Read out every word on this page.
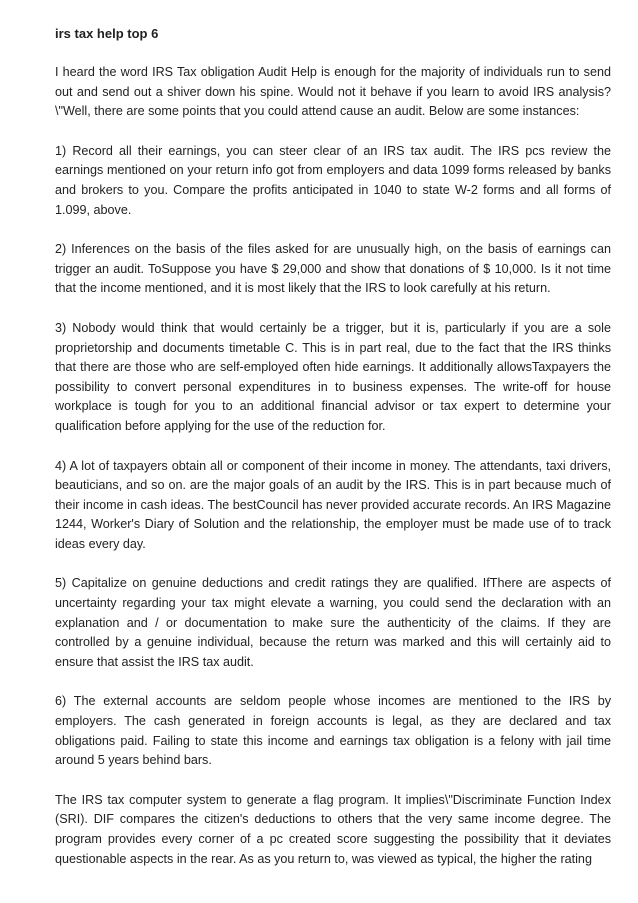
irs tax help top 6

I heard the word IRS Tax obligation Audit Help is enough for the majority of individuals run to send out and send out a shiver down his spine. Would not it behave if you learn to avoid IRS analysis? \"Well, there are some points that you could attend cause an audit. Below are some instances:

1) Record all their earnings, you can steer clear of an IRS tax audit. The IRS pcs review the earnings mentioned on your return info got from employers and data 1099 forms released by banks and brokers to you. Compare the profits anticipated in 1040 to state W-2 forms and all forms of 1.099, above.

2) Inferences on the basis of the files asked for are unusually high, on the basis of earnings can trigger an audit. ToSuppose you have $ 29,000 and show that donations of $ 10,000. Is it not time that the income mentioned, and it is most likely that the IRS to look carefully at his return.

3) Nobody would think that would certainly be a trigger, but it is, particularly if you are a sole proprietorship and documents timetable C. This is in part real, due to the fact that the IRS thinks that there are those who are self-employed often hide earnings. It additionally allowsTaxpayers the possibility to convert personal expenditures in to business expenses. The write-off for house workplace is tough for you to an additional financial advisor or tax expert to determine your qualification before applying for the use of the reduction for.

4) A lot of taxpayers obtain all or component of their income in money. The attendants, taxi drivers, beauticians, and so on. are the major goals of an audit by the IRS. This is in part because much of their income in cash ideas. The bestCouncil has never provided accurate records. An IRS Magazine 1244, Worker's Diary of Solution and the relationship, the employer must be made use of to track ideas every day.

5) Capitalize on genuine deductions and credit ratings they are qualified. IfThere are aspects of uncertainty regarding your tax might elevate a warning, you could send the declaration with an explanation and / or documentation to make sure the authenticity of the claims. If they are controlled by a genuine individual, because the return was marked and this will certainly aid to ensure that assist the IRS tax audit.

6) The external accounts are seldom people whose incomes are mentioned to the IRS by employers. The cash generated in foreign accounts is legal, as they are declared and tax obligations paid. Failing to state this income and earnings tax obligation is a felony with jail time around 5 years behind bars.

The IRS tax computer system to generate a flag program. It implies\"Discriminate Function Index (SRI). DIF compares the citizen's deductions to others that the very same income degree. The program provides every corner of a pc created score suggesting the possibility that it deviates questionable aspects in the rear. As as you return to, was viewed as typical, the higher the rating
